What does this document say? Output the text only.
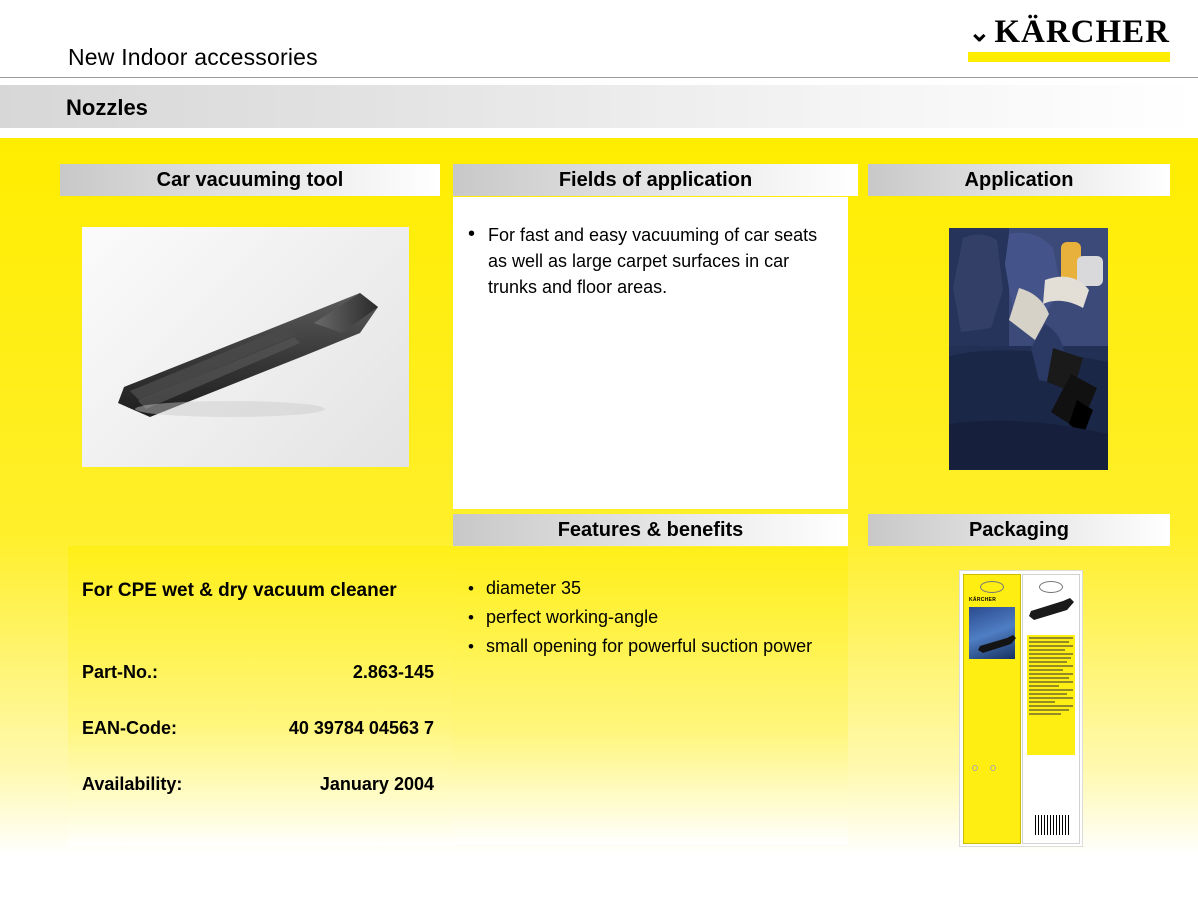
New Indoor accessories
⌄ KÄRCHER
Nozzles
Car vacuuming tool	Fields of application	Application
Features & benefits	Packaging
• For fast and easy vacuuming of car seats as well as large carpet surfaces in car trunks and floor areas.
For CPE wet & dry vacuum cleaner
Part-No.:	2.863-145
EAN-Code:	40 39784 04563 7
Availability:	January 2004
• diameter 35
• perfect working-angle
• small opening for powerful suction power
KÄRCHER
